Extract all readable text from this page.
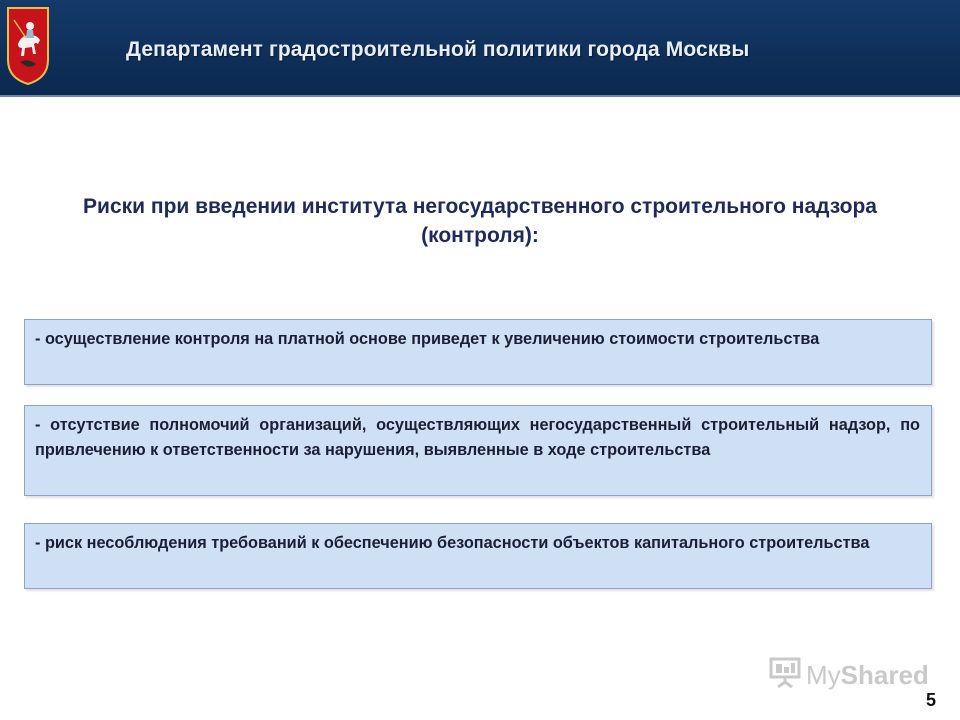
Департамент градостроительной политики города Москвы
Риски при введении института негосударственного строительного надзора (контроля):
- осуществление контроля на платной основе приведет к увеличению стоимости строительства
- отсутствие полномочий организаций, осуществляющих негосударственный строительный надзор, по привлечению к ответственности за нарушения, выявленные в ходе строительства
- риск несоблюдения требований к обеспечению безопасности объектов капитального строительства
MyShared
5
